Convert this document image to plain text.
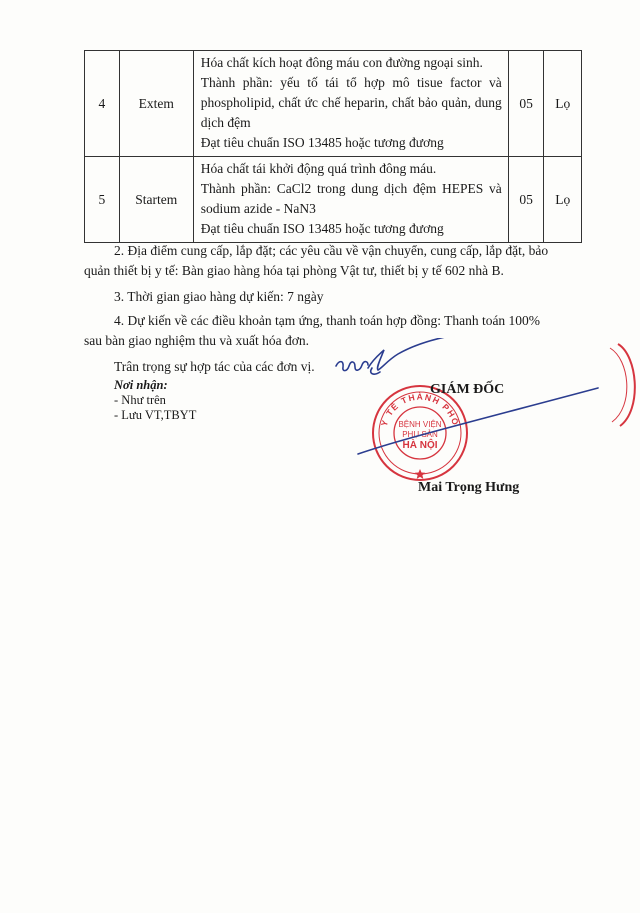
4	Extem	Hóa chất kích hoạt đông máu con đường ngoại sinh.
Thành phần: yếu tố tái tổ hợp mô tisue factor và phospholipid, chất ức chế heparin, chất bảo quản, dung dịch đệm
Đạt tiêu chuẩn ISO 13485 hoặc tương đương	05	Lọ
5	Startem	Hóa chất tái khởi động quá trình đông máu.
Thành phần: CaCl2 trong dung dịch đệm HEPES và sodium azide - NaN3
Đạt tiêu chuẩn ISO 13485 hoặc tương đương	05	Lọ

2. Địa điểm cung cấp, lắp đặt; các yêu cầu về vận chuyển, cung cấp, lắp đặt, bảo
quản thiết bị y tế: Bàn giao hàng hóa tại phòng Vật tư, thiết bị y tế 602 nhà B.

3. Thời gian giao hàng dự kiến: 7 ngày

4. Dự kiến về các điều khoản tạm ứng, thanh toán hợp đồng: Thanh toán 100%
sau bàn giao nghiệm thu và xuất hóa đơn.

Trân trọng sự hợp tác của các đơn vị.

Nơi nhận:
- Như trên
- Lưu VT,TBYT
Y TẾ THÀNH PHỐ
BỆNH VIỆN
PHỤ SẢN
HÀ NỘI
GIÁM ĐỐC
Mai Trọng Hưng
